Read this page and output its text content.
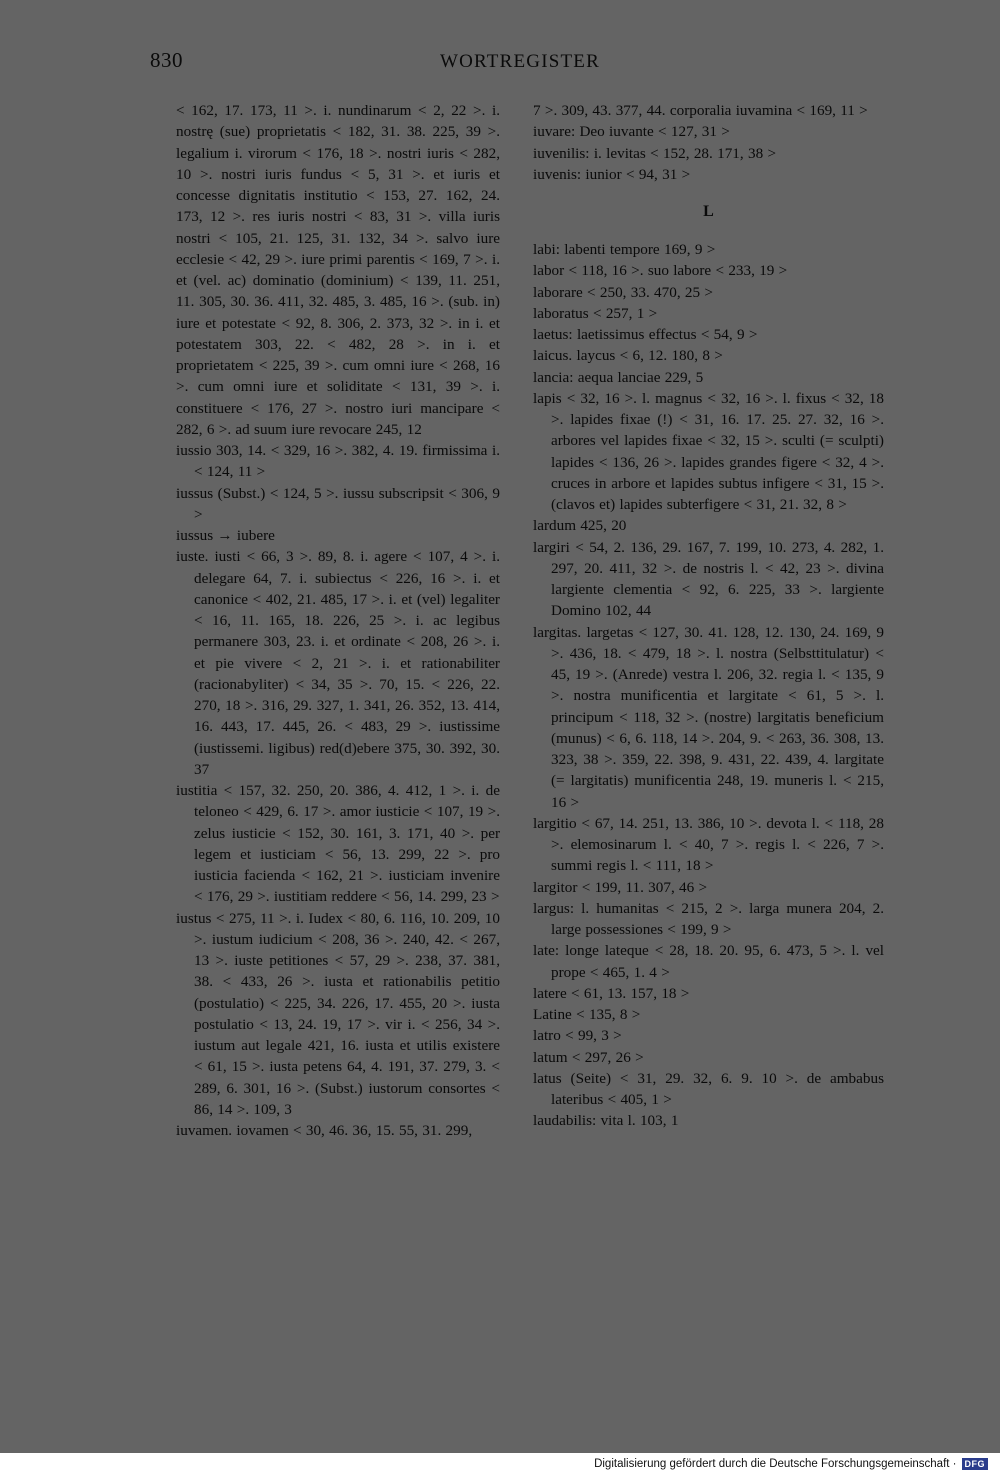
830	WORTREGISTER

< 162, 17. 173, 11 >. i. nundinarum < 2, 22 >. i. nostrę (sue) proprietatis < 182, 31. 38. 225, 39 >. legalium i. virorum < 176, 18 >. nostri iuris < 282, 10 >. nostri iuris fundus < 5, 31 >. et iuris et concesse dignitatis institutio < 153, 27. 162, 24. 173, 12 >. res iuris nostri < 83, 31 >. villa iuris nostri < 105, 21. 125, 31. 132, 34 >. salvo iure ecclesie < 42, 29 >. iure primi parentis < 169, 7 >. i. et (vel. ac) dominatio (dominium) < 139, 11. 251, 11. 305, 30. 36. 411, 32. 485, 3. 485, 16 >. (sub. in) iure et potestate < 92, 8. 306, 2. 373, 32 >. in i. et potestatem 303, 22. < 482, 28 >. in i. et proprietatem < 225, 39 >. cum omni iure < 268, 16 >. cum omni iure et soliditate < 131, 39 >. i. constituere < 176, 27 >. nostro iuri mancipare < 282, 6 >. ad suum iure revocare 245, 12

iussio 303, 14. < 329, 16 >. 382, 4. 19. firmissima i. < 124, 11 >

iussus (Subst.) < 124, 5 >. iussu subscripsit < 306, 9 >

iussus → iubere

iuste. iusti < 66, 3 >. 89, 8. i. agere < 107, 4 >. i. delegare 64, 7. i. subiectus < 226, 16 >. i. et canonice < 402, 21. 485, 17 >. i. et (vel) legaliter < 16, 11. 165, 18. 226, 25 >. i. ac legibus permanere 303, 23. i. et ordinate < 208, 26 >. i. et pie vivere < 2, 21 >. i. et rationabiliter (racionabyliter) < 34, 35 >. 70, 15. < 226, 22. 270, 18 >. 316, 29. 327, 1. 341, 26. 352, 13. 414, 16. 443, 17. 445, 26. < 483, 29 >. iustissime (iustissemi. ligibus) red(d)ebere 375, 30. 392, 30. 37

iustitia < 157, 32. 250, 20. 386, 4. 412, 1 >. i. de teloneo < 429, 6. 17 >. amor iusticie < 107, 19 >. zelus iusticie < 152, 30. 161, 3. 171, 40 >. per legem et iusticiam < 56, 13. 299, 22 >. pro iusticia facienda < 162, 21 >. iusticiam invenire < 176, 29 >. iustitiam reddere < 56, 14. 299, 23 >

iustus < 275, 11 >. i. Iudex < 80, 6. 116, 10. 209, 10 >. iustum iudicium < 208, 36 >. 240, 42. < 267, 13 >. iuste petitiones < 57, 29 >. 238, 37. 381, 38. < 433, 26 >. iusta et rationabilis petitio (postulatio) < 225, 34. 226, 17. 455, 20 >. iusta postulatio < 13, 24. 19, 17 >. vir i. < 256, 34 >. iustum aut legale 421, 16. iusta et utilis existere < 61, 15 >. iusta petens 64, 4. 191, 37. 279, 3. < 289, 6. 301, 16 >. (Subst.) iustorum consortes < 86, 14 >. 109, 3

iuvamen. iovamen < 30, 46. 36, 15. 55, 31. 299,

7 >. 309, 43. 377, 44. corporalia iuvamina < 169, 11 >

iuvare: Deo iuvante < 127, 31 >

iuvenilis: i. levitas < 152, 28. 171, 38 >

iuvenis: iunior < 94, 31 >

L

labi: labenti tempore 169, 9 >

labor < 118, 16 >. suo labore < 233, 19 >

laborare < 250, 33. 470, 25 >

laboratus < 257, 1 >

laetus: laetissimus effectus < 54, 9 >

laicus. laycus < 6, 12. 180, 8 >

lancia: aequa lanciae 229, 5

lapis < 32, 16 >. l. magnus < 32, 16 >. l. fixus < 32, 18 >. lapides fixae (!) < 31, 16. 17. 25. 27. 32, 16 >. arbores vel lapides fixae < 32, 15 >. sculti (= sculpti) lapides < 136, 26 >. lapides grandes figere < 32, 4 >. cruces in arbore et lapides subtus infigere < 31, 15 >. (clavos et) lapides subterfigere < 31, 21. 32, 8 >

lardum 425, 20

largiri < 54, 2. 136, 29. 167, 7. 199, 10. 273, 4. 282, 1. 297, 20. 411, 32 >. de nostris l. < 42, 23 >. divina largiente clementia < 92, 6. 225, 33 >. largiente Domino 102, 44

largitas. largetas < 127, 30. 41. 128, 12. 130, 24. 169, 9 >. 436, 18. < 479, 18 >. l. nostra (Selbsttitulatur) < 45, 19 >. (Anrede) vestra l. 206, 32. regia l. < 135, 9 >. nostra munificentia et largitate < 61, 5 >. l. principum < 118, 32 >. (nostre) largitatis beneficium (munus) < 6, 6. 118, 14 >. 204, 9. < 263, 36. 308, 13. 323, 38 >. 359, 22. 398, 9. 431, 22. 439, 4. largitate (= largitatis) munificentia 248, 19. muneris l. < 215, 16 >

largitio < 67, 14. 251, 13. 386, 10 >. devota l. < 118, 28 >. elemosinarum l. < 40, 7 >. regis l. < 226, 7 >. summi regis l. < 111, 18 >

largitor < 199, 11. 307, 46 >

largus: l. humanitas < 215, 2 >. larga munera 204, 2. large possessiones < 199, 9 >

late: longe lateque < 28, 18. 20. 95, 6. 473, 5 >. l. vel prope < 465, 1. 4 >

latere < 61, 13. 157, 18 >

Latine < 135, 8 >

latro < 99, 3 >

latum < 297, 26 >

latus (Seite) < 31, 29. 32, 6. 9. 10 >. de ambabus lateribus < 405, 1 >

laudabilis: vita l. 103, 1

Digitalisierung gefördert durch die Deutsche Forschungsgemeinschaft · DFG
